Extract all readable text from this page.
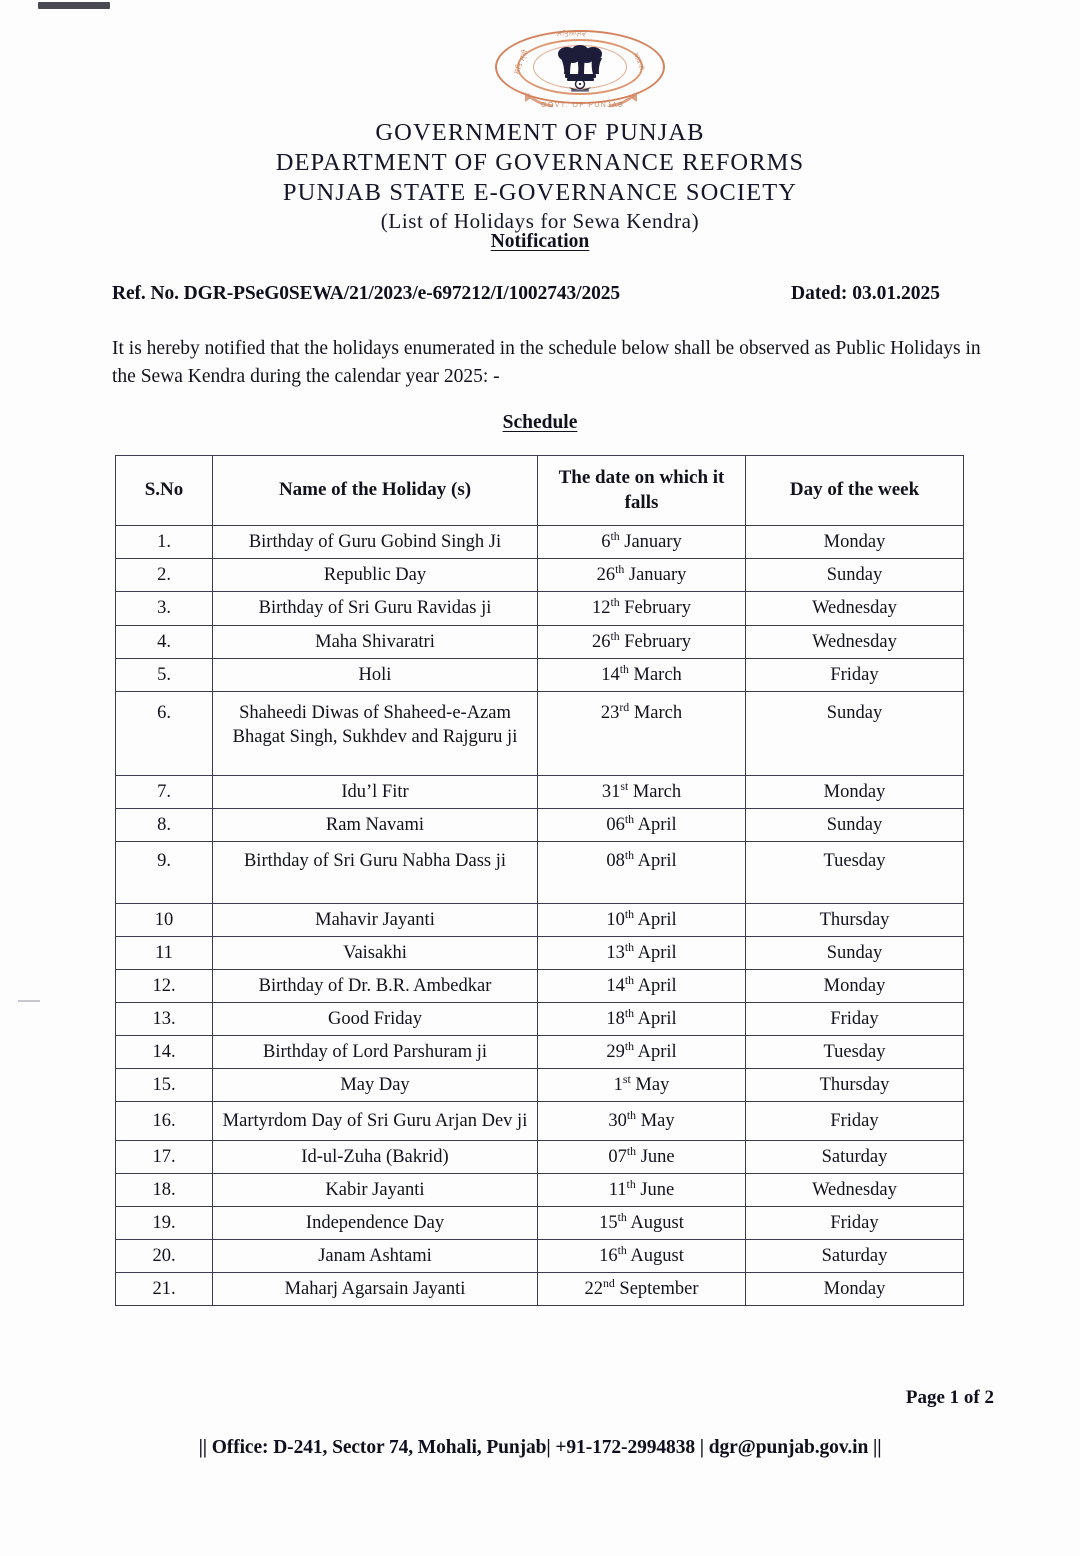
ਸਤਿਆਮੇਵ
ਸਤਿ ਸ੍ਰੀ	ਅਕਾਲ
GOVT. OF PUNJAB
GOVERNMENT OF PUNJAB
DEPARTMENT OF GOVERNANCE REFORMS
PUNJAB STATE E-GOVERNANCE SOCIETY
(List of Holidays for Sewa Kendra)
Notification
Ref. No. DGR-PSeG0SEWA/21/2023/e-697212/I/1002743/2025	Dated: 03.01.2025
It is hereby notified that the holidays enumerated in the schedule below shall be observed as Public Holidays in the Sewa Kendra during the calendar year 2025: -
Schedule
S.No	Name of the Holiday (s)	The date on which it falls	Day of the week
1.	Birthday of Guru Gobind Singh Ji	6th January	Monday
2.	Republic Day	26th January	Sunday
3.	Birthday of Sri Guru Ravidas ji	12th February	Wednesday
4.	Maha Shivaratri	26th February	Wednesday
5.	Holi	14th March	Friday
6.	Shaheedi Diwas of Shaheed-e-Azam Bhagat Singh, Sukhdev and Rajguru ji	23rd March	Sunday
7.	Idu’l Fitr	31st March	Monday
8.	Ram Navami	06th April	Sunday
9.	Birthday of Sri Guru Nabha Dass ji	08th April	Tuesday
10	Mahavir Jayanti	10th April	Thursday
11	Vaisakhi	13th April	Sunday
12.	Birthday of Dr. B.R. Ambedkar	14th April	Monday
13.	Good Friday	18th April	Friday
14.	Birthday of Lord Parshuram ji	29th April	Tuesday
15.	May Day	1st May	Thursday
16.	Martyrdom Day of Sri Guru Arjan Dev ji	30th May	Friday
17.	Id-ul-Zuha (Bakrid)	07th June	Saturday
18.	Kabir Jayanti	11th June	Wednesday
19.	Independence Day	15th August	Friday
20.	Janam Ashtami	16th August	Saturday
21.	Maharj Agarsain Jayanti	22nd September	Monday
Page 1 of 2
|| Office: D-241, Sector 74, Mohali, Punjab| +91-172-2994838 | dgr@punjab.gov.in ||
